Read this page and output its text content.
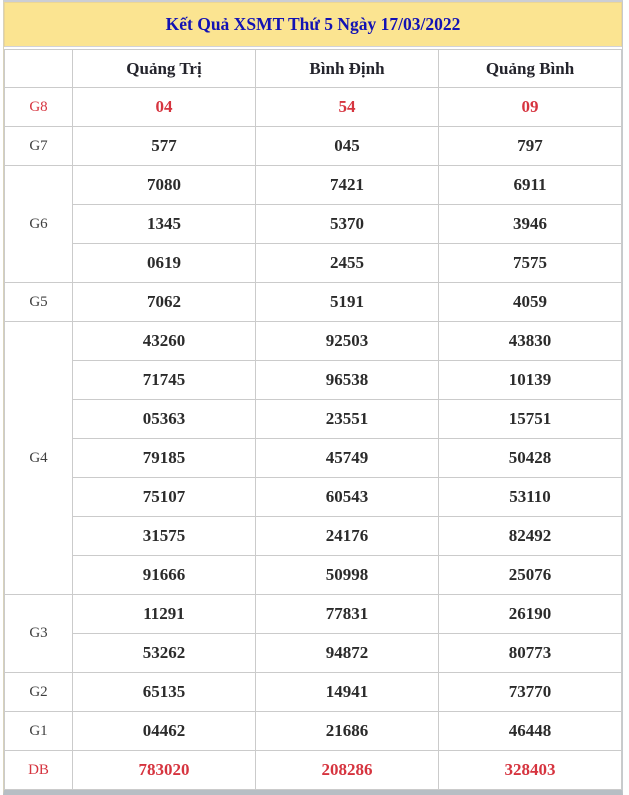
Kết Quả XSMT Thứ 5 Ngày 17/03/2022
	Quảng Trị	Bình Định	Quảng Bình
G8	04	54	09
G7	577	045	797
G6	7080	7421	6911
	1345	5370	3946
	0619	2455	7575
G5	7062	5191	4059
G4	43260	92503	43830
	71745	96538	10139
	05363	23551	15751
	79185	45749	50428
	75107	60543	53110
	31575	24176	82492
	91666	50998	25076
G3	11291	77831	26190
	53262	94872	80773
G2	65135	14941	73770
G1	04462	21686	46448
DB	783020	208286	328403
